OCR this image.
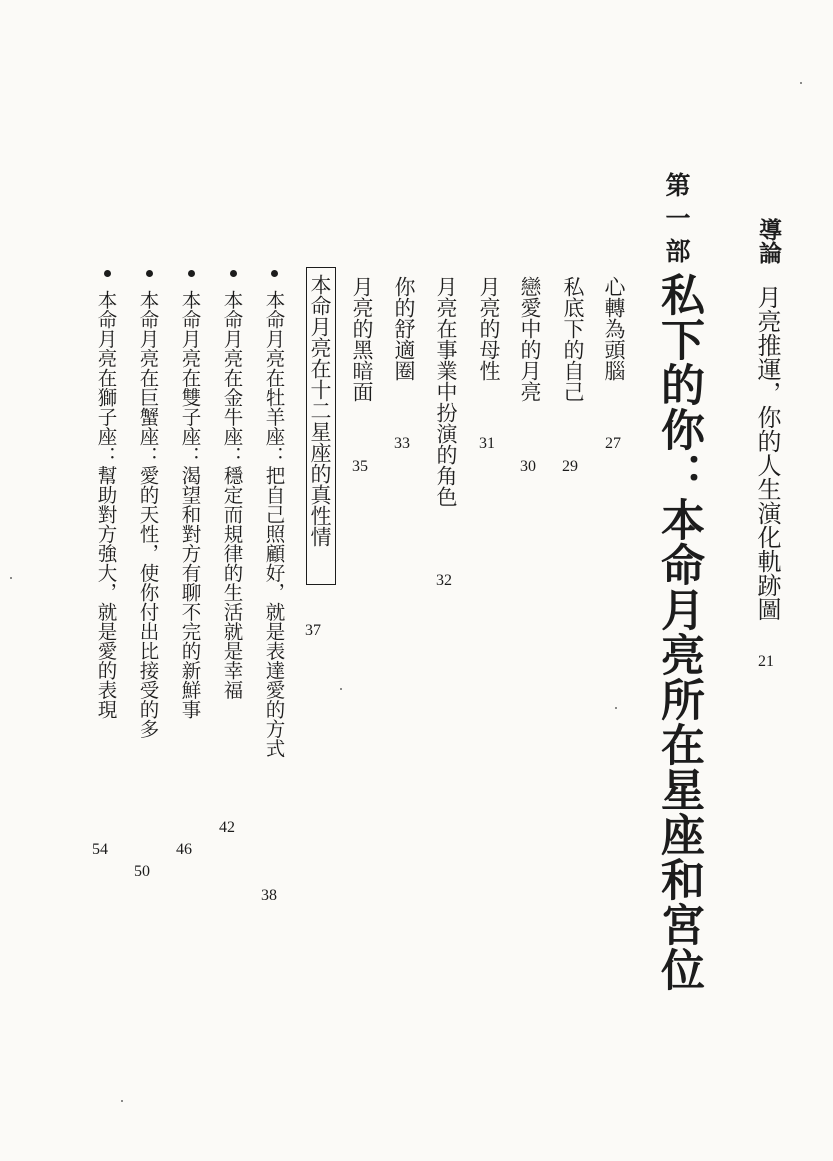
導論
月亮推運，你的人生演化軌跡圖
21
第一部
私下的你：本命月亮所在星座和宮位
心轉為頭腦
27
私底下的自己
29
戀愛中的月亮
30
月亮的母性
31
月亮在事業中扮演的角色
32
你的舒適圈
33
月亮的黑暗面
35
本命月亮在十二星座的真性情
37
本命月亮在牡羊座：把自己照顧好，就是表達愛的方式
38
本命月亮在金牛座：穩定而規律的生活就是幸福
42
本命月亮在雙子座：渴望和對方有聊不完的新鮮事
46
本命月亮在巨蟹座：愛的天性，使你付出比接受的多
50
本命月亮在獅子座：幫助對方強大，就是愛的表現
54
